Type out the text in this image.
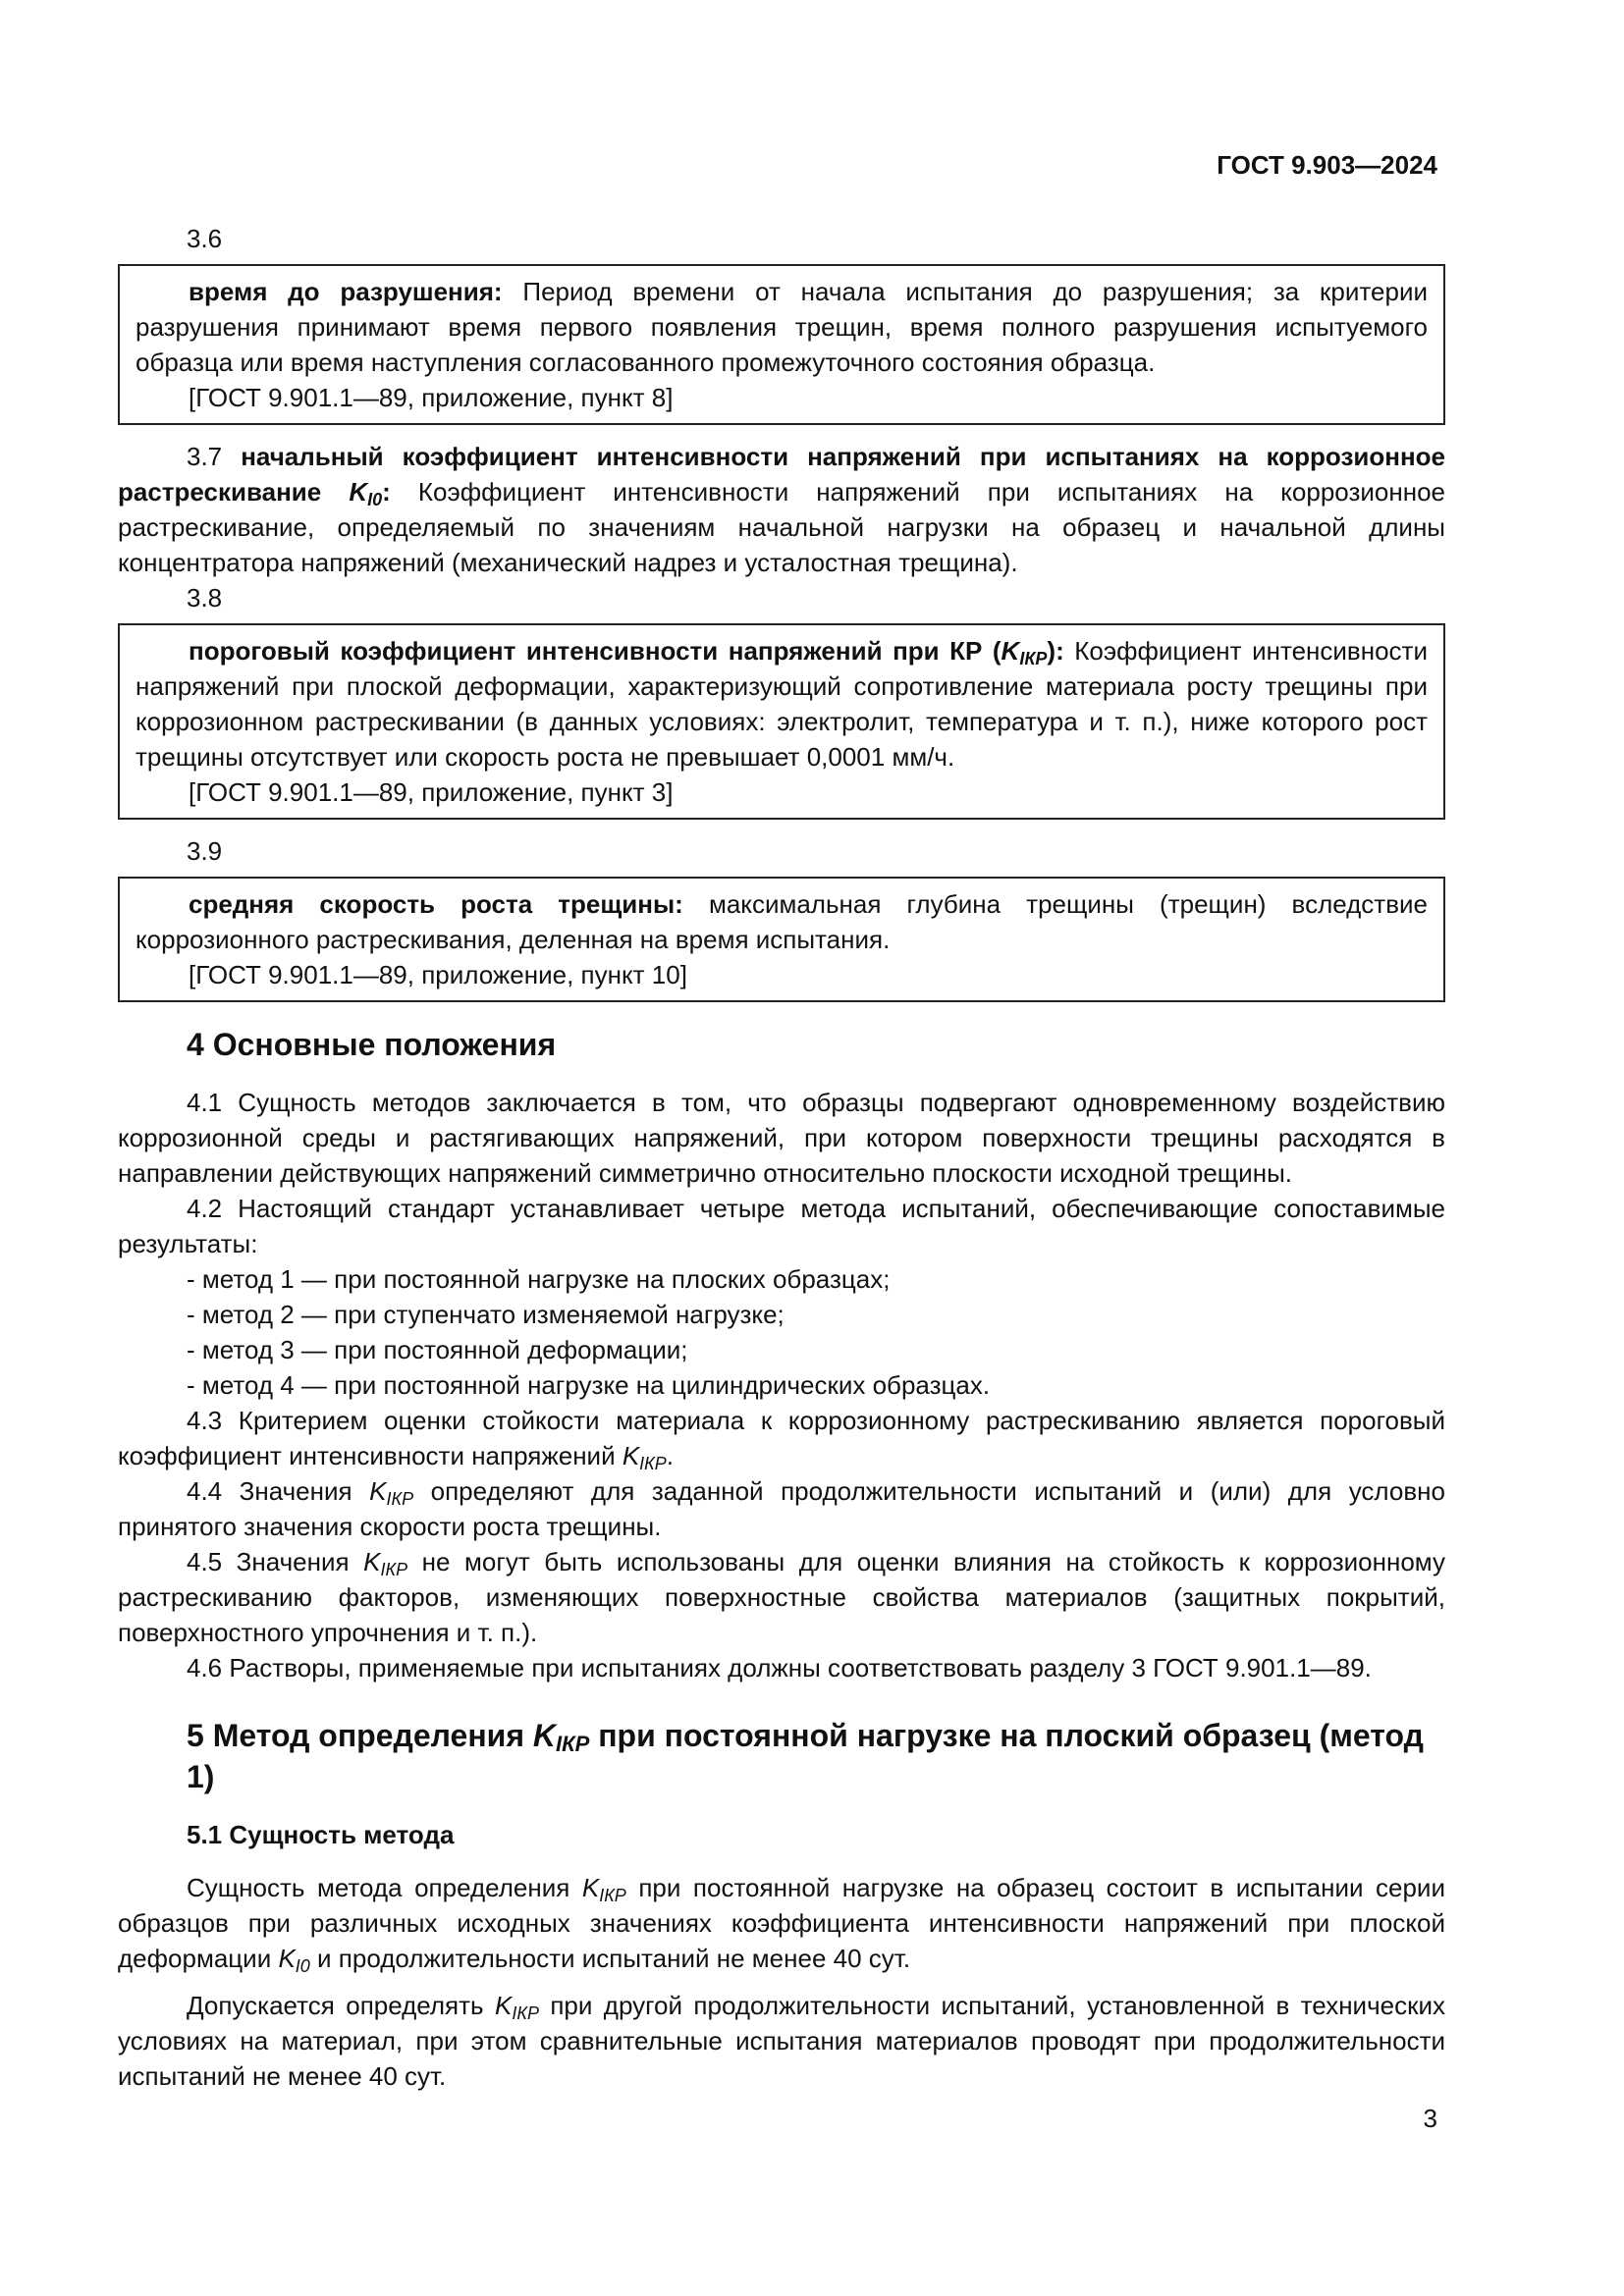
ГОСТ 9.903—2024

3.6

время до разрушения: Период времени от начала испытания до разрушения; за критерии разрушения принимают время первого появления трещин, время полного разрушения испытуемого образца или время наступления согласованного промежуточного состояния образца.

[ГОСТ 9.901.1—89, приложение, пункт 8]

3.7 начальный коэффициент интенсивности напряжений при испытаниях на коррозионное растрескивание $K_{I0}$: Коэффициент интенсивности напряжений при испытаниях на коррозионное растрескивание, определяемый по значениям начальной нагрузки на образец и начальной длины концентратора напряжений (механический надрез и усталостная трещина).

3.8

пороговый коэффициент интенсивности напряжений при КР $(K_{IКР})$: Коэффициент интенсивности напряжений при плоской деформации, характеризующий сопротивление материала росту трещины при коррозионном растрескивании (в данных условиях: электролит, температура и т. п.), ниже которого рост трещины отсутствует или скорость роста не превышает 0,0001 мм/ч.

[ГОСТ 9.901.1—89, приложение, пункт 3]

3.9

средняя скорость роста трещины: максимальная глубина трещины (трещин) вследствие коррозионного растрескивания, деленная на время испытания.

[ГОСТ 9.901.1—89, приложение, пункт 10]

4 Основные положения

4.1 Сущность методов заключается в том, что образцы подвергают одновременному воздействию коррозионной среды и растягивающих напряжений, при котором поверхности трещины расходятся в направлении действующих напряжений симметрично относительно плоскости исходной трещины.

4.2 Настоящий стандарт устанавливает четыре метода испытаний, обеспечивающие сопоставимые результаты:

- метод 1 — при постоянной нагрузке на плоских образцах;

- метод 2 — при ступенчато изменяемой нагрузке;

- метод 3 — при постоянной деформации;

- метод 4 — при постоянной нагрузке на цилиндрических образцах.

4.3 Критерием оценки стойкости материала к коррозионному растрескиванию является пороговый коэффициент интенсивности напряжений $K_{IКР}$.

4.4 Значения $K_{IКР}$ определяют для заданной продолжительности испытаний и (или) для условно принятого значения скорости роста трещины.

4.5 Значения $K_{IКР}$ не могут быть использованы для оценки влияния на стойкость к коррозионному растрескиванию факторов, изменяющих поверхностные свойства материалов (защитных покрытий, поверхностного упрочнения и т. п.).

4.6 Растворы, применяемые при испытаниях должны соответствовать разделу 3 ГОСТ 9.901.1—89.

5 Метод определения $K_{IКР}$ при постоянной нагрузке на плоский образец (метод 1)
5.1 Сущность метода

Сущность метода определения $K_{IКР}$ при постоянной нагрузке на образец состоит в испытании серии образцов при различных исходных значениях коэффициента интенсивности напряжений при плоской деформации $K_{I0}$ и продолжительности испытаний не менее 40 сут.

Допускается определять $K_{IКР}$ при другой продолжительности испытаний, установленной в технических условиях на материал, при этом сравнительные испытания материалов проводят при продолжительности испытаний не менее 40 сут.

3
